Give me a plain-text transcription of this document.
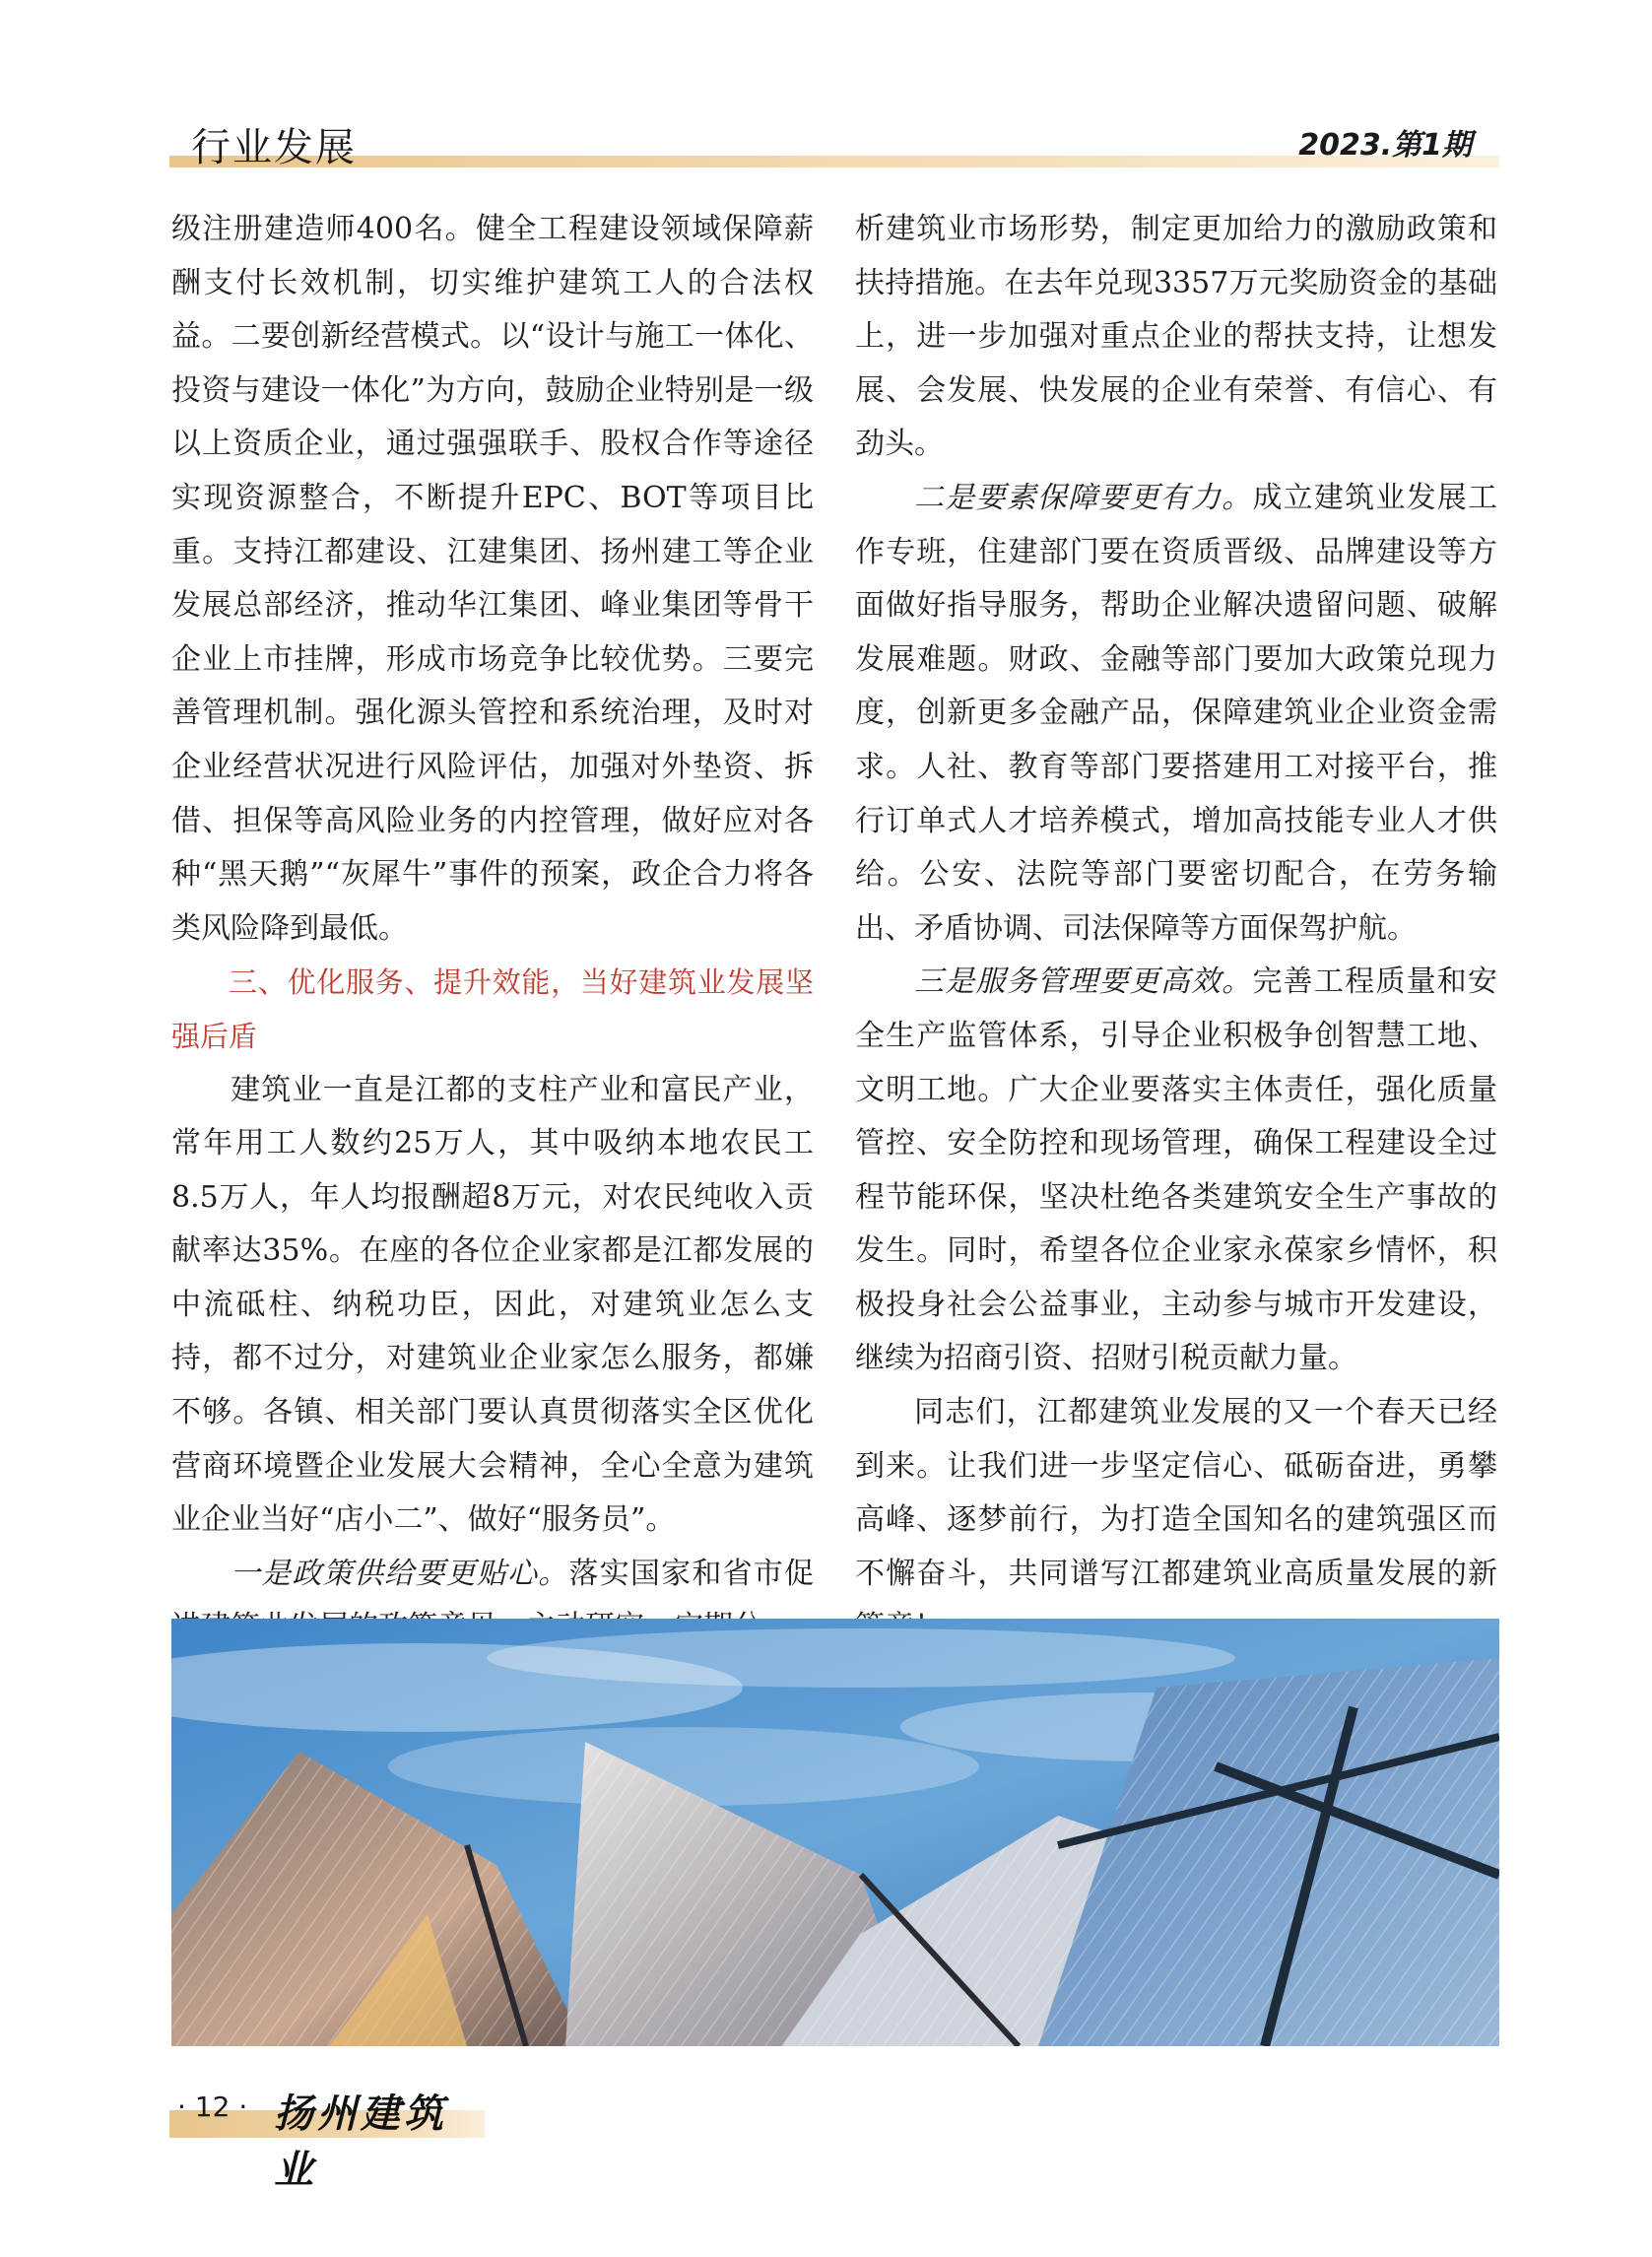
行业发展	2023.第1期

级注册建造师400名。健全工程建设领域保障薪酬支付长效机制，切实维护建筑工人的合法权益。二要创新经营模式。以“设计与施工一体化、投资与建设一体化”为方向，鼓励企业特别是一级以上资质企业，通过强强联手、股权合作等途径实现资源整合，不断提升EPC、BOT等项目比重。支持江都建设、江建集团、扬州建工等企业发展总部经济，推动华江集团、峰业集团等骨干企业上市挂牌，形成市场竞争比较优势。三要完善管理机制。强化源头管控和系统治理，及时对企业经营状况进行风险评估，加强对外垫资、拆借、担保等高风险业务的内控管理，做好应对各种“黑天鹅”“灰犀牛”事件的预案，政企合力将各类风险降到最低。

三、优化服务、提升效能，当好建筑业发展坚强后盾

建筑业一直是江都的支柱产业和富民产业，常年用工人数约25万人，其中吸纳本地农民工8.5万人，年人均报酬超8万元，对农民纯收入贡献率达35%。在座的各位企业家都是江都发展的中流砥柱、纳税功臣，因此，对建筑业怎么支持，都不过分，对建筑业企业家怎么服务，都嫌不够。各镇、相关部门要认真贯彻落实全区优化营商环境暨企业发展大会精神，全心全意为建筑业企业当好“店小二”、做好“服务员”。

一是政策供给要更贴心。落实国家和省市促

析建筑业市场形势，制定更加给力的激励政策和扶持措施。在去年兑现3357万元奖励资金的基础上，进一步加强对重点企业的帮扶支持，让想发展、会发展、快发展的企业有荣誉、有信心、有劲头。

二是要素保障要更有力。成立建筑业发展工作专班，住建部门要在资质晋级、品牌建设等方面做好指导服务，帮助企业解决遗留问题、破解发展难题。财政、金融等部门要加大政策兑现力度，创新更多金融产品，保障建筑业企业资金需求。人社、教育等部门要搭建用工对接平台，推行订单式人才培养模式，增加高技能专业人才供给。公安、法院等部门要密切配合，在劳务输出、矛盾协调、司法保障等方面保驾护航。

三是服务管理要更高效。完善工程质量和安全生产监管体系，引导企业积极争创智慧工地、文明工地。广大企业要落实主体责任，强化质量管控、安全防控和现场管理，确保工程建设全过程节能环保，坚决杜绝各类建筑安全生产事故的发生。同时，希望各位企业家永葆家乡情怀，积极投身社会公益事业，主动参与城市开发建设，继续为招商引资、招财引税贡献力量。

同志们，江都建筑业发展的又一个春天已经到来。让我们进一步坚定信心、砥砺奋进，勇攀高峰、逐梦前行，为打造全国知名的建筑强区而不懈奋斗，共同谱写江都建筑业高质量发展的新

· 12 · 扬州建筑业
